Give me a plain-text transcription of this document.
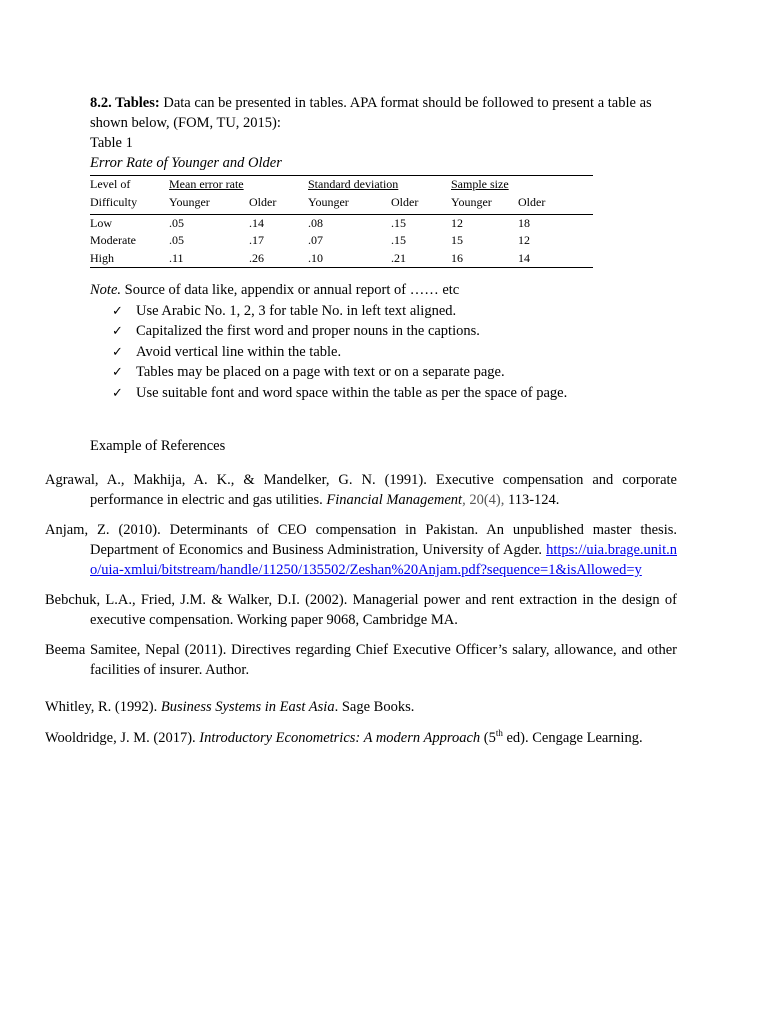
8.2. Tables: Data can be presented in tables. APA format should be followed to present a table as shown below, (FOM, TU, 2015):

Table 1

Error Rate of Younger and Older

Level of	Mean error rate		Standard deviation		Sample size	
Difficulty	Younger	Older	Younger	Older	Younger	Older
Low	.05	.14	.08	.15	12	18
Moderate	.05	.17	.07	.15	15	12
High	.11	.26	.10	.21	16	14
Note. Source of data like, appendix or annual report of …… etc
✓ Use Arabic No. 1, 2, 3 for table No. in left text aligned.
✓ Capitalized the first word and proper nouns in the captions.
✓ Avoid vertical line within the table.
✓ Tables may be placed on a page with text or on a separate page.
✓ Use suitable font and word space within the table as per the space of page.
Example of References

Agrawal, A., Makhija, A. K., & Mandelker, G. N. (1991). Executive compensation and corporate performance in electric and gas utilities. Financial Management, 20(4), 113-124.

Anjam, Z. (2010). Determinants of CEO compensation in Pakistan. An unpublished master thesis. Department of Economics and Business Administration, University of Agder. https://uia.brage.unit.no/uia-xmlui/bitstream/handle/11250/135502/Zeshan%20Anjam.pdf?sequence=1&isAllowed=y

Bebchuk, L.A., Fried, J.M. & Walker, D.I. (2002). Managerial power and rent extraction in the design of executive compensation. Working paper 9068, Cambridge MA.

Beema Samitee, Nepal (2011). Directives regarding Chief Executive Officer’s salary, allowance, and other facilities of insurer. Author.

Whitley, R. (1992). Business Systems in East Asia. Sage Books.

Wooldridge, J. M. (2017). Introductory Econometrics: A modern Approach (5th ed). Cengage Learning.
